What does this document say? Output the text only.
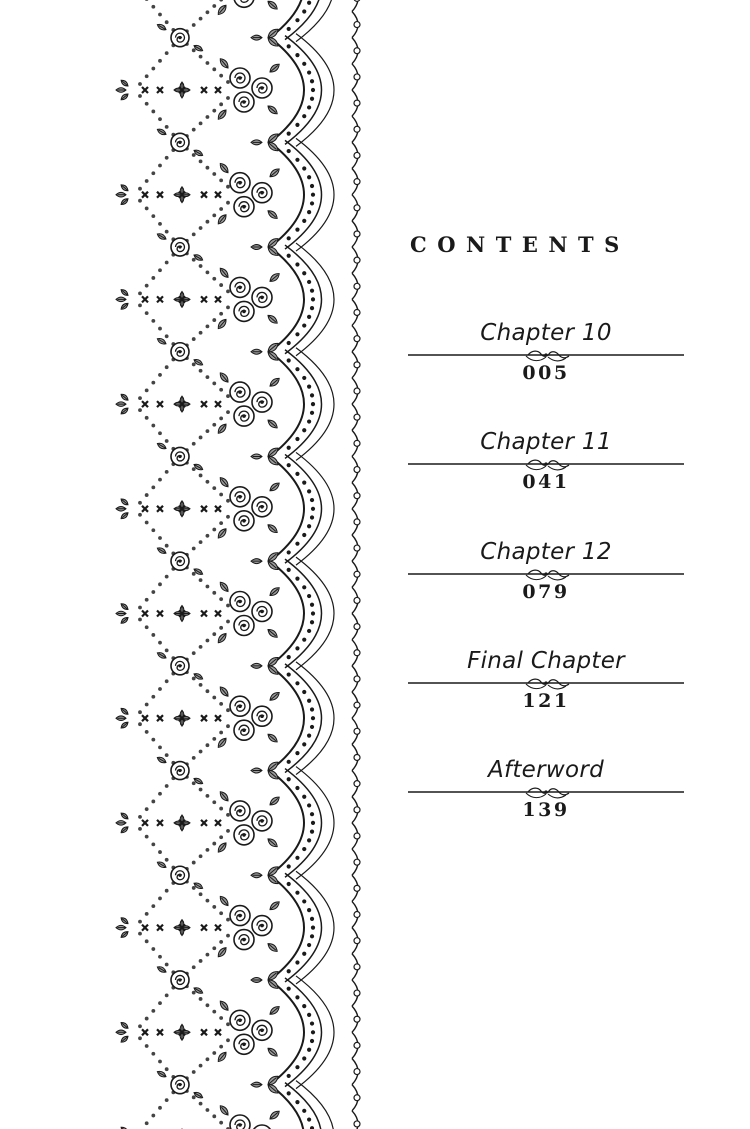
CONTENTS
Chapter 10
005
Chapter 11
041
Chapter 12
079
Final Chapter
121
Afterword
139
